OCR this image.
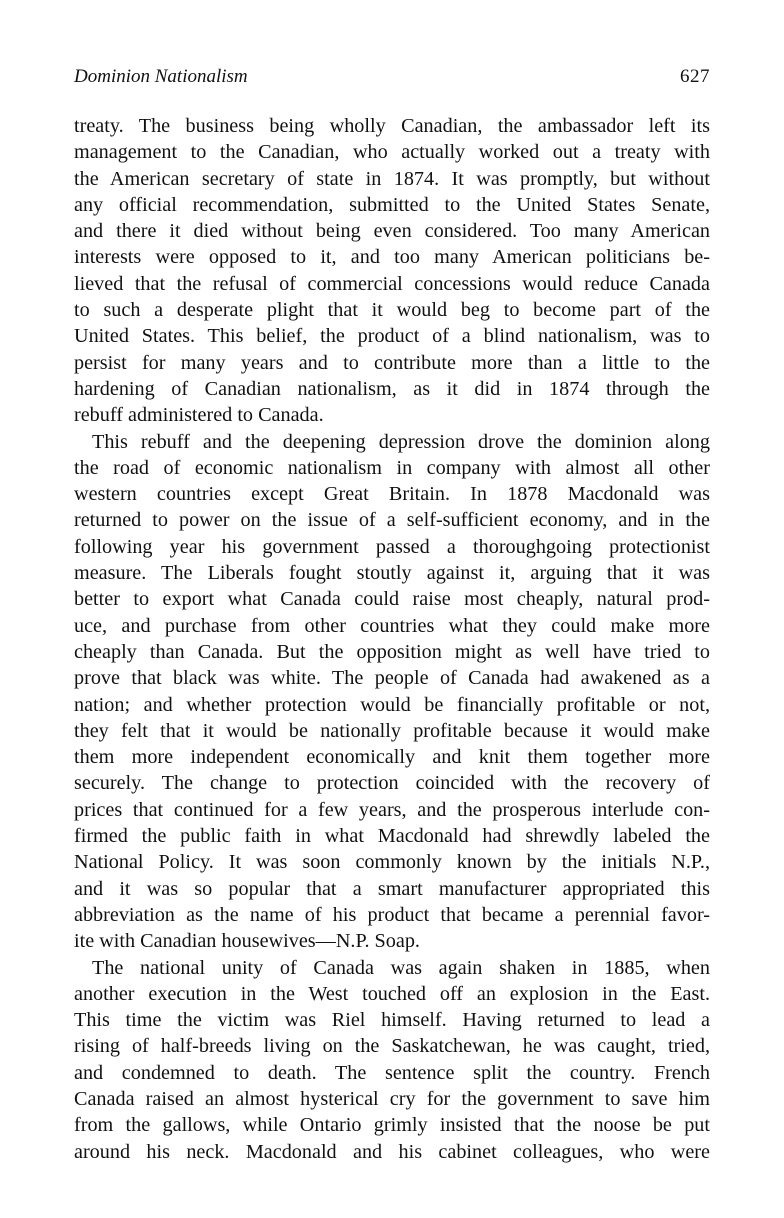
Dominion Nationalism	627
treaty. The business being wholly Canadian, the ambassador left its
management to the Canadian, who actually worked out a treaty with
the American secretary of state in 1874. It was promptly, but without
any official recommendation, submitted to the United States Senate,
and there it died without being even considered. Too many American
interests were opposed to it, and too many American politicians be-
lieved that the refusal of commercial concessions would reduce Canada
to such a desperate plight that it would beg to become part of the
United States. This belief, the product of a blind nationalism, was to
persist for many years and to contribute more than a little to the
hardening of Canadian nationalism, as it did in 1874 through the
rebuff administered to Canada.
This rebuff and the deepening depression drove the dominion along
the road of economic nationalism in company with almost all other
western countries except Great Britain. In 1878 Macdonald was
returned to power on the issue of a self-sufficient economy, and in the
following year his government passed a thoroughgoing protectionist
measure. The Liberals fought stoutly against it, arguing that it was
better to export what Canada could raise most cheaply, natural prod-
uce, and purchase from other countries what they could make more
cheaply than Canada. But the opposition might as well have tried to
prove that black was white. The people of Canada had awakened as a
nation; and whether protection would be financially profitable or not,
they felt that it would be nationally profitable because it would make
them more independent economically and knit them together more
securely. The change to protection coincided with the recovery of
prices that continued for a few years, and the prosperous interlude con-
firmed the public faith in what Macdonald had shrewdly labeled the
National Policy. It was soon commonly known by the initials N.P.,
and it was so popular that a smart manufacturer appropriated this
abbreviation as the name of his product that became a perennial favor-
ite with Canadian housewives—N.P. Soap.
The national unity of Canada was again shaken in 1885, when
another execution in the West touched off an explosion in the East.
This time the victim was Riel himself. Having returned to lead a
rising of half-breeds living on the Saskatchewan, he was caught, tried,
and condemned to death. The sentence split the country. French
Canada raised an almost hysterical cry for the government to save him
from the gallows, while Ontario grimly insisted that the noose be put
around his neck. Macdonald and his cabinet colleagues, who were
